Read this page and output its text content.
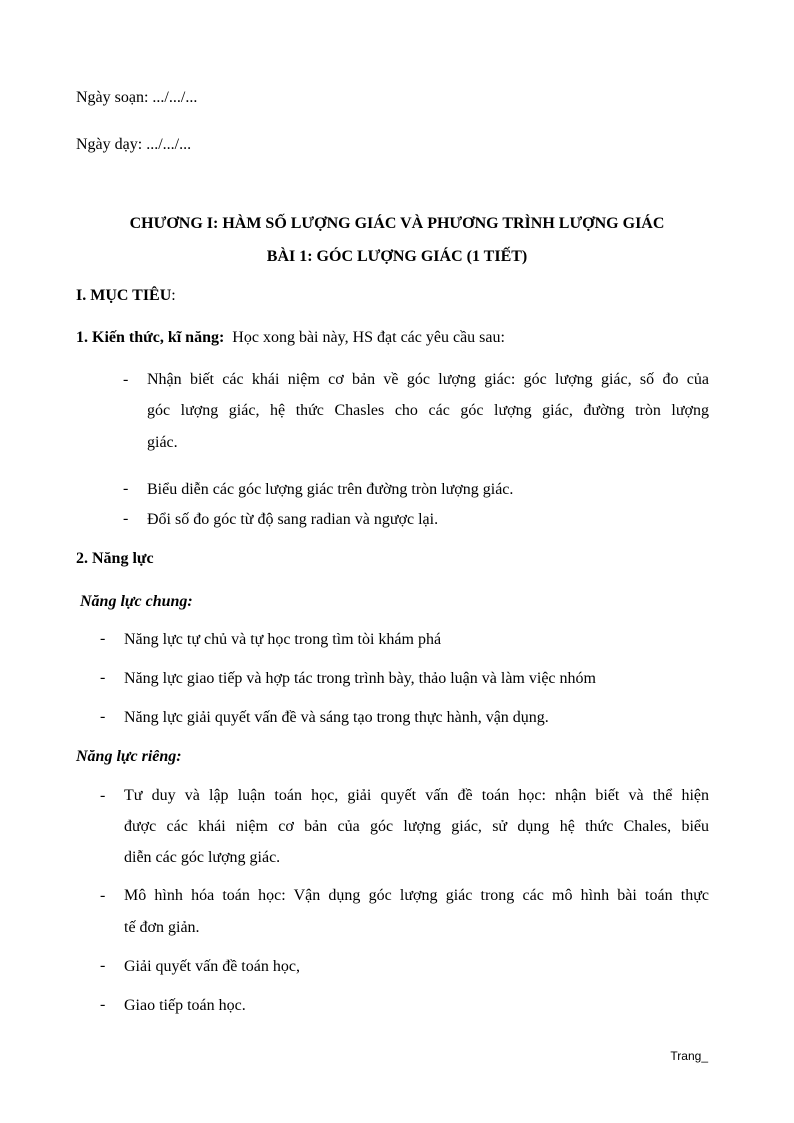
Ngày soạn: .../.../...
Ngày dạy: .../.../...
CHƯƠNG I: HÀM SỐ LƯỢNG GIÁC VÀ PHƯƠNG TRÌNH LƯỢNG GIÁC
BÀI 1: GÓC LƯỢNG GIÁC (1 TIẾT)
I. MỤC TIÊU:
1. Kiến thức, kĩ năng: Học xong bài này, HS đạt các yêu cầu sau:
-	Nhận biết các khái niệm cơ bản về góc lượng giác: góc lượng giác, số đo của
góc lượng giác, hệ thức Chasles cho các góc lượng giác, đường tròn lượng
giác.
-	Biểu diễn các góc lượng giác trên đường tròn lượng giác.
-	Đổi số đo góc từ độ sang radian và ngược lại.
2. Năng lực
Năng lực chung:
-	Năng lực tự chủ và tự học trong tìm tòi khám phá
-	Năng lực giao tiếp và hợp tác trong trình bày, thảo luận và làm việc nhóm
-	Năng lực giải quyết vấn đề và sáng tạo trong thực hành, vận dụng.
Năng lực riêng:
-	Tư duy và lập luận toán học, giải quyết vấn đề toán học: nhận biết và thể hiện
được các khái niệm cơ bản của góc lượng giác, sử dụng hệ thức Chales, biểu
diễn các góc lượng giác.
-	Mô hình hóa toán học: Vận dụng góc lượng giác trong các mô hình bài toán thực
tế đơn giản.
-	Giải quyết vấn đề toán học,
-	Giao tiếp toán học.
Trang_
